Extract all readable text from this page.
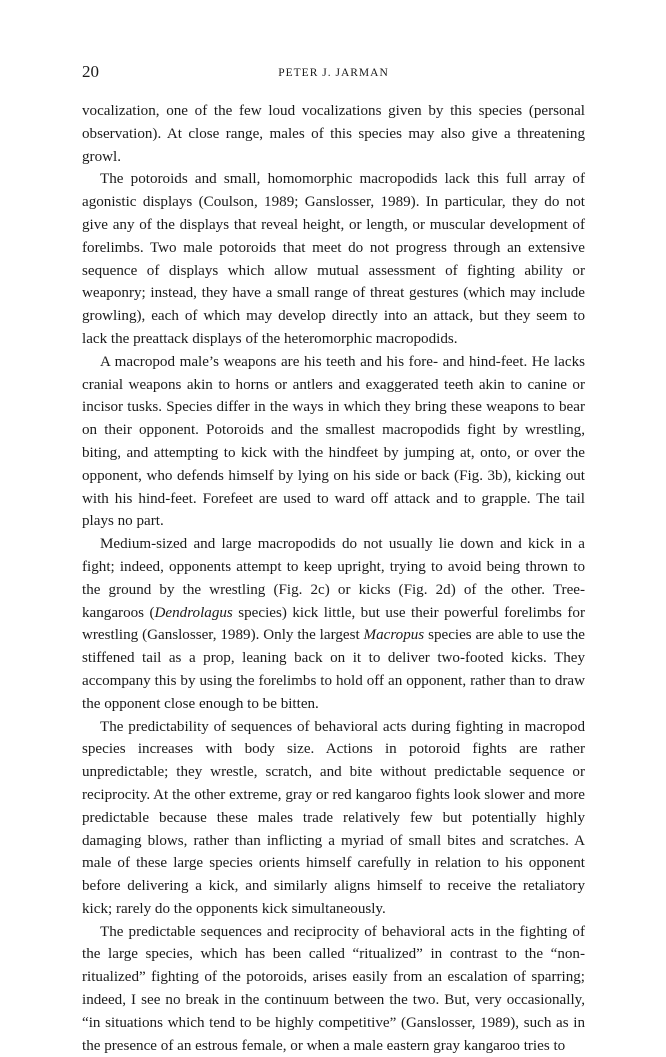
20	PETER J. JARMAN

vocalization, one of the few loud vocalizations given by this species (personal observation). At close range, males of this species may also give a threatening growl.

The potoroids and small, homomorphic macropodids lack this full array of agonistic displays (Coulson, 1989; Ganslosser, 1989). In particular, they do not give any of the displays that reveal height, or length, or muscular development of forelimbs. Two male potoroids that meet do not progress through an extensive sequence of displays which allow mutual assessment of fighting ability or weaponry; instead, they have a small range of threat gestures (which may include growling), each of which may develop directly into an attack, but they seem to lack the preattack displays of the heteromorphic macropodids.

A macropod male’s weapons are his teeth and his fore- and hind-feet. He lacks cranial weapons akin to horns or antlers and exaggerated teeth akin to canine or incisor tusks. Species differ in the ways in which they bring these weapons to bear on their opponent. Potoroids and the smallest macropodids fight by wrestling, biting, and attempting to kick with the hindfeet by jumping at, onto, or over the opponent, who defends himself by lying on his side or back (Fig. 3b), kicking out with his hind-feet. Forefeet are used to ward off attack and to grapple. The tail plays no part.

Medium-sized and large macropodids do not usually lie down and kick in a fight; indeed, opponents attempt to keep upright, trying to avoid being thrown to the ground by the wrestling (Fig. 2c) or kicks (Fig. 2d) of the other. Tree-kangaroos (Dendrolagus species) kick little, but use their powerful forelimbs for wrestling (Ganslosser, 1989). Only the largest Macropus species are able to use the stiffened tail as a prop, leaning back on it to deliver two-footed kicks. They accompany this by using the forelimbs to hold off an opponent, rather than to draw the opponent close enough to be bitten.

The predictability of sequences of behavioral acts during fighting in macropod species increases with body size. Actions in potoroid fights are rather unpredictable; they wrestle, scratch, and bite without predictable sequence or reciprocity. At the other extreme, gray or red kangaroo fights look slower and more predictable because these males trade relatively few but potentially highly damaging blows, rather than inflicting a myriad of small bites and scratches. A male of these large species orients himself carefully in relation to his opponent before delivering a kick, and similarly aligns himself to receive the retaliatory kick; rarely do the opponents kick simultaneously.

The predictable sequences and reciprocity of behavioral acts in the fighting of the large species, which has been called “ritualized” in contrast to the “non-ritualized” fighting of the potoroids, arises easily from an escalation of sparring; indeed, I see no break in the continuum between the two. But, very occasionally, “in situations which tend to be highly competitive” (Ganslosser, 1989), such as in the presence of an estrous female, or when a male eastern gray kangaroo tries to
